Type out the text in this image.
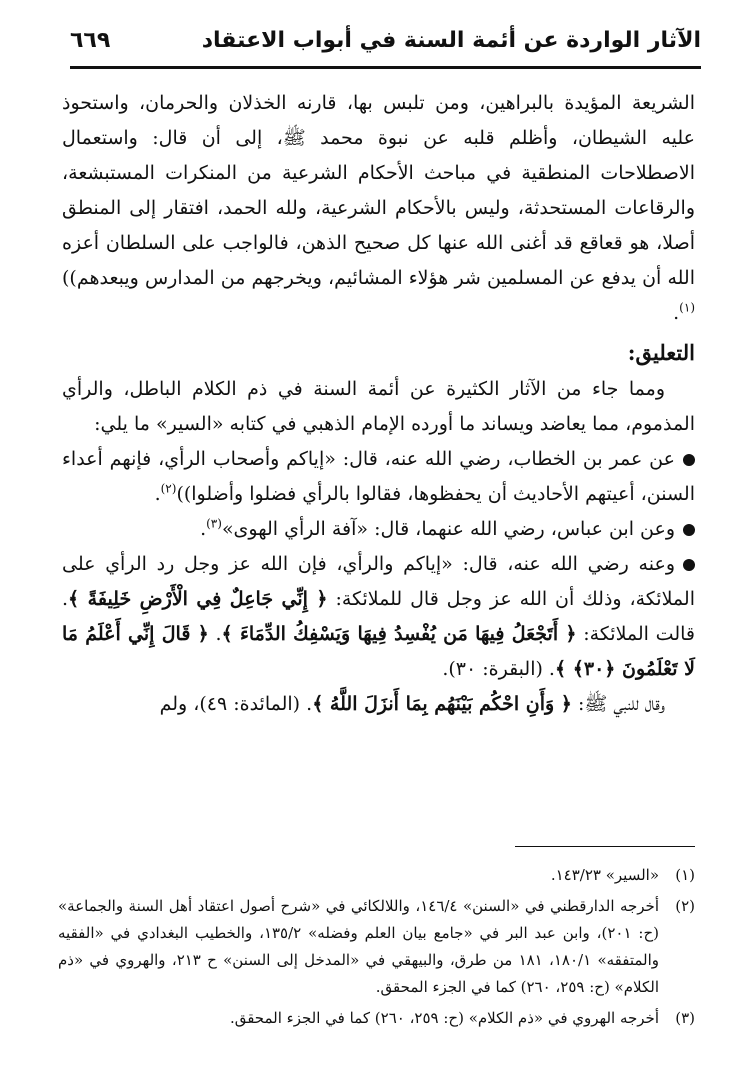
الآثار الواردة عن أئمة السنة في أبواب الاعتقاد
٦٦٩

الشريعة المؤيدة بالبراهين، ومن تلبس بها، قارنه الخذلان والحرمان، واستحوذ عليه الشيطان، وأظلم قلبه عن نبوة محمد ﷺ، إلى أن قال: واستعمال الاصطلاحات المنطقية في مباحث الأحكام الشرعية من المنكرات المستبشعة، والرقاعات المستحدثة، وليس بالأحكام الشرعية، ولله الحمد، افتقار إلى المنطق أصلا، هو قعاقع قد أغنى الله عنها كل صحيح الذهن، فالواجب على السلطان أعزه الله أن يدفع عن المسلمين شر هؤلاء المشائيم، ويخرجهم من المدارس ويبعدهم))$^{(١)}$.

التعليق:

ومما جاء من الآثار الكثيرة عن أئمة السنة في ذم الكلام الباطل، والرأي المذموم، مما يعاضد ويساند ما أورده الإمام الذهبي في كتابه «السير» ما يلي:

عن عمر بن الخطاب، رضي الله عنه، قال: «إياكم وأصحاب الرأي، فإنهم أعداء السنن، أعيتهم الأحاديث أن يحفظوها، فقالوا بالرأي فضلوا وأضلوا))$^{(٢)}$.

وعن ابن عباس، رضي الله عنهما، قال: «آفة الرأي الهوى»$^{(٣)}$.

وعنه رضي الله عنه، قال: «إياكم والرأي، فإن الله عز وجل رد الرأي على الملائكة، وذلك أن الله عز وجل قال للملائكة: ﴿ إِنِّي جَاعِلٌ فِي الْأَرْضِ خَلِيفَةً ﴾. قالت الملائكة: ﴿ أَتَجْعَلُ فِيهَا مَن يُفْسِدُ فِيهَا وَيَسْفِكُ الدِّمَاءَ ﴾. ﴿ قَالَ إِنِّي أَعْلَمُ مَا لَا تَعْلَمُونَ ﴿٣٠﴾ ﴾. (البقرة: ٣٠).

وقال للنبي ﷺ: ﴿ وَأَنِ احْكُم بَيْنَهُم بِمَا أَنزَلَ اللَّهُ ﴾. (المائدة: ٤٩)، ولم

(١)
«السير» ١٤٣/٢٣.
(٢)
أخرجه الدارقطني في «السنن» ١٤٦/٤، واللالكائي في «شرح أصول اعتقاد أهل السنة والجماعة» (ح: ٢٠١)، وابن عبد البر في «جامع بيان العلم وفضله» ١٣٥/٢، والخطيب البغدادي في «الفقيه والمتفقه» ١٨٠/١، ١٨١ من طرق، والبيهقي في «المدخل إلى السنن» ح ٢١٣، والهروي في «ذم الكلام» (ح: ٢٥٩، ٢٦٠) كما في الجزء المحقق.
(٣)
أخرجه الهروي في «ذم الكلام» (ح: ٢٥٩، ٢٦٠) كما في الجزء المحقق.
